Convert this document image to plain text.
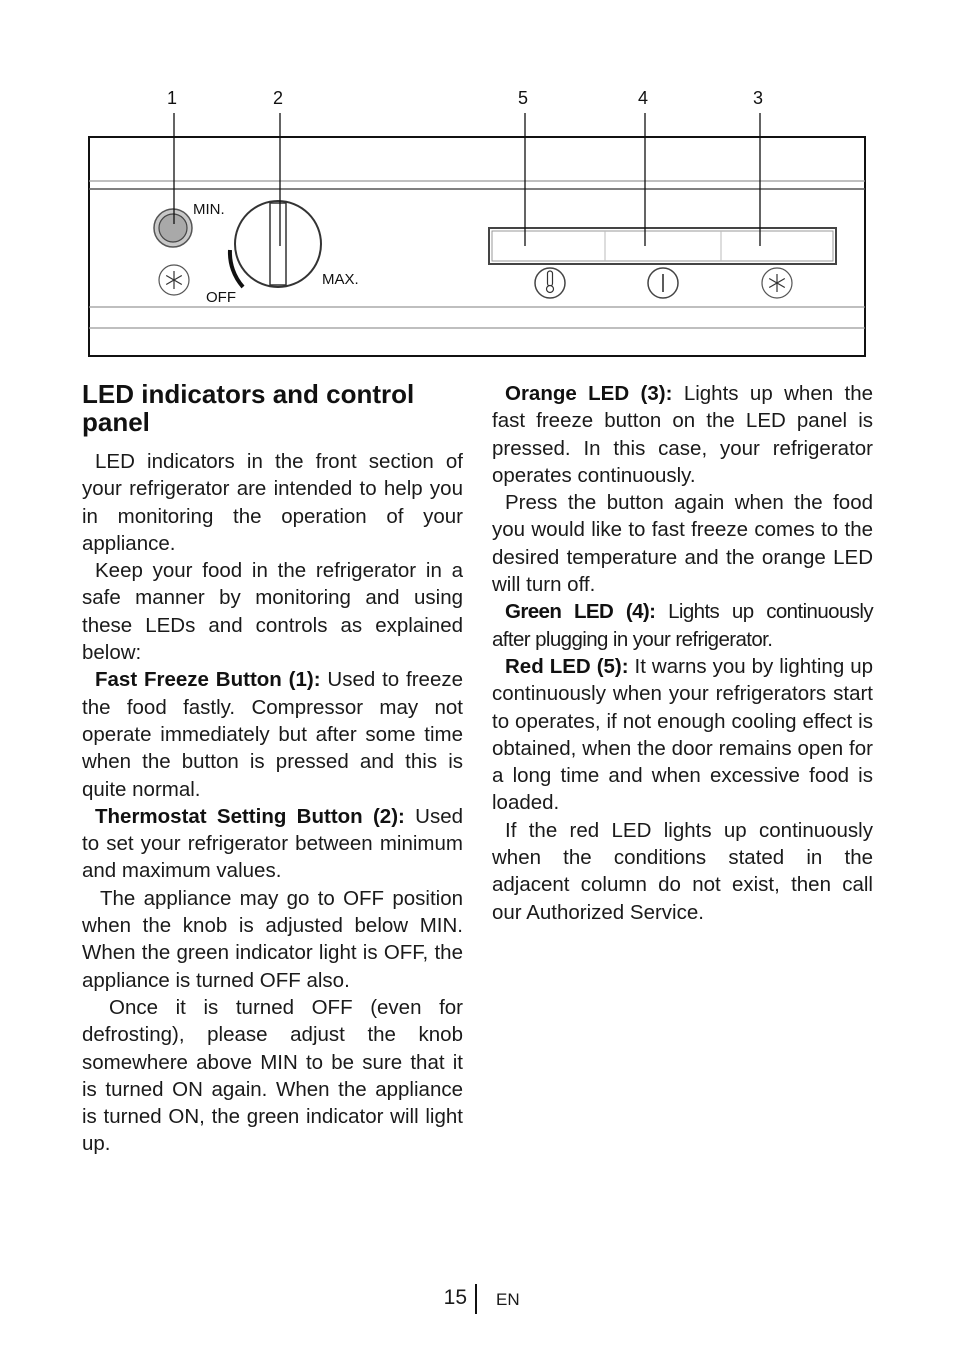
MIN.
MAX.
OFF
1	2	5	4	3
LED indicators and control panel

LED indicators in the front section of your refrigerator are intended to help you in monitoring the operation of your appliance.

Keep your food in the refrigerator in a safe manner by monitoring and using these LEDs and controls as explained below:

Fast Freeze Button (1): Used to freeze the food fastly. Compressor may not operate immediately but after some time when the button is pressed and this is quite normal.

Thermostat Setting Button (2): Used to set your refrigerator between minimum and maximum values.

The appliance may go to OFF position when the knob is adjusted below MIN. When the green indicator light is OFF, the appliance is turned OFF also.

Once it is turned OFF (even for defrosting), please adjust the knob somewhere above MIN to be sure that it is turned ON again. When the appliance is turned ON, the green indicator will light up.

Orange LED (3): Lights up when the fast freeze button on the LED panel is pressed. In this case, your refrigerator operates continuously.

Press the button again when the food you would like to fast freeze comes to the desired temperature and the orange LED will turn off.

Green LED (4): Lights up continuously after plugging in your refrigerator.

Red LED (5): It warns you by lighting up continuously when your refrigerators start to operates, if not enough cooling effect is obtained, when the door remains open for a long time and when excessive food is loaded.

If the red LED lights up continuously when the conditions stated in the adjacent column do not exist, then call our Authorized Service.

15 EN
